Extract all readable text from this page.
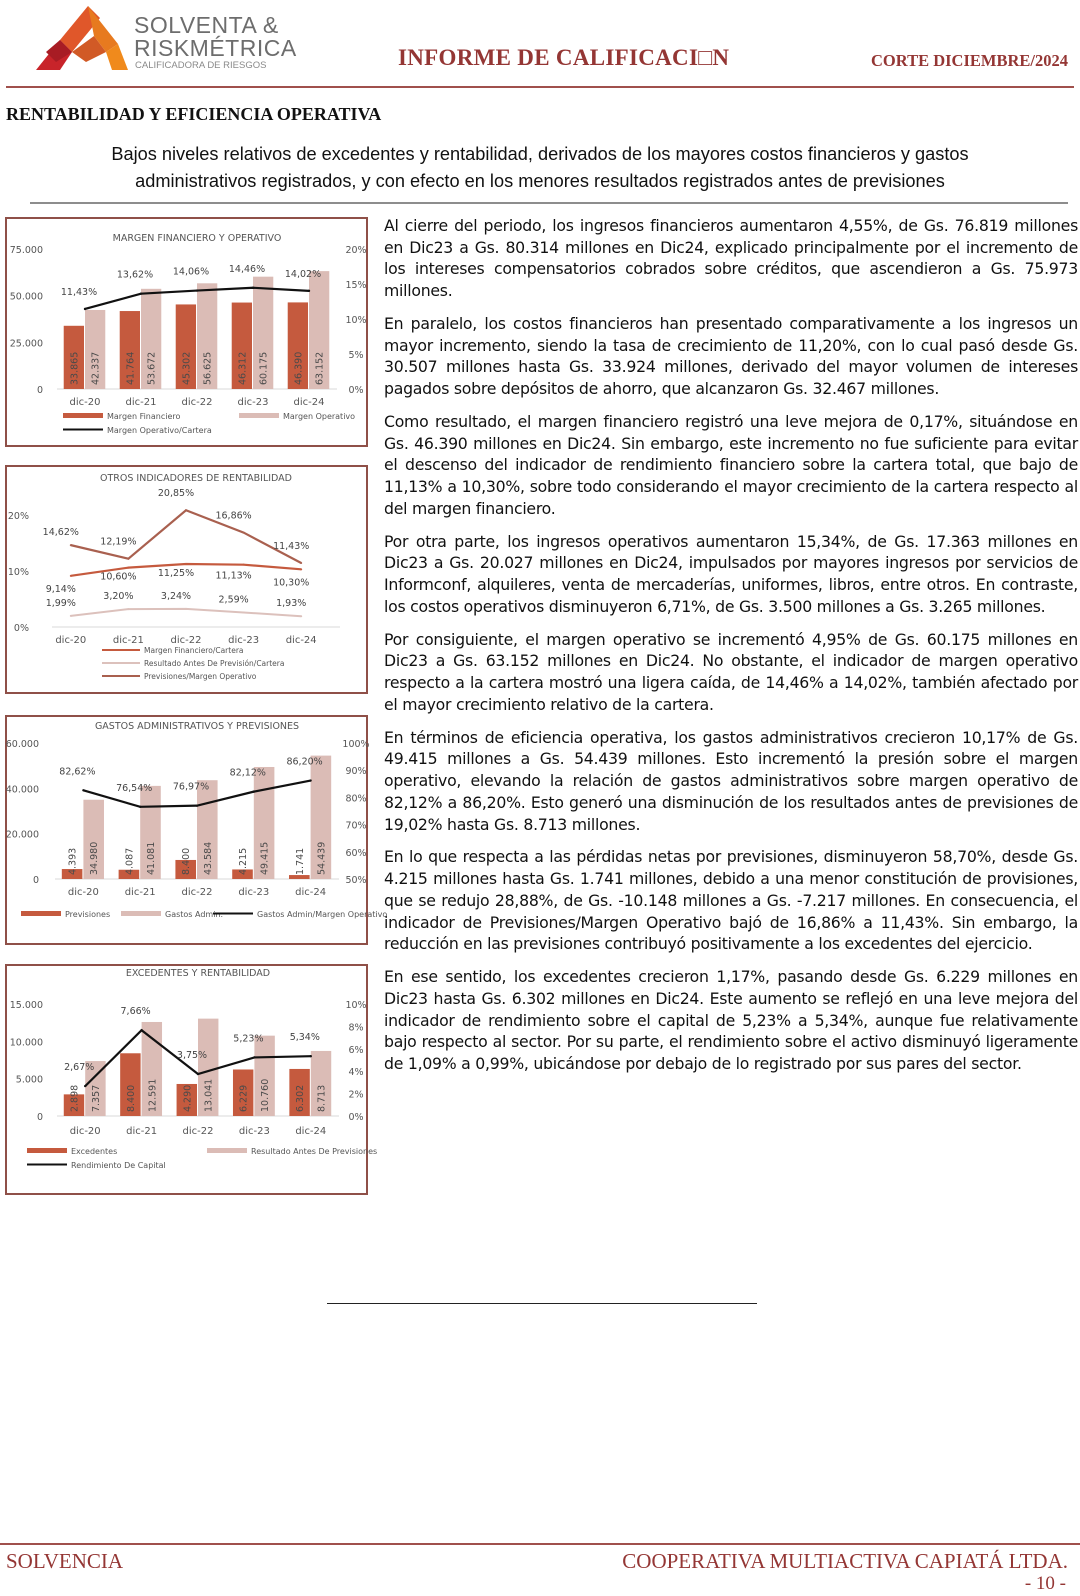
SOLVENTA &
RISKMÉTRICA
CALIFICADORA DE RIESGOS	INFORME DE CALIFICACI□N	CORTE DICIEMBRE/2024
RENTABILIDAD Y EFICIENCIA OPERATIVA
Bajos niveles relativos de excedentes y rentabilidad, derivados de los mayores costos financieros y gastos administrativos registrados, y con efecto en los menores resultados registrados antes de previsiones
MARGEN FINANCIERO Y OPERATIVO
0
25.000
50.000
75.000
0%
5%
10%
15%
20%
dic-20
33.865 42.337
dic-21
41.764 53.672
dic-22
45.302 56.625
dic-23
46.312 60.175
dic-24
46.390 63.152
11,43%
13,62% 14,06% 14,46% 14,02%
Margen Financiero	Margen Operativo
Margen Operativo/Cartera
OTROS INDICADORES DE RENTABILIDAD
0%
10%
20%
dic-20	dic-21	dic-22	dic-23	dic-24
9,14%
10,60% 11,25% 11,13%
10,30%
1,99%
3,20%	3,24%	2,59%	1,93%
14,62%
12,19%
20,85%
16,86%
11,43%
Margen Financiero/Cartera
Resultado Antes De Previsión/Cartera
Previsiones/Margen Operativo
GASTOS ADMINISTRATIVOS Y PREVISIONES
0
20.000
40.000
60.000
50%
60%
70%
80%
90%
100%
dic-20
4.393 34.980
dic-21
4.087 41.081
dic-22
8.400 43.584
dic-23
4.215 49.415
dic-24
1.741 54.439
82,62%
76,54% 76,97%
82,12%
86,20%
Previsiones	Gastos Admin.	Gastos Admin/Margen Operativo
EXCEDENTES Y RENTABILIDAD
0
5.000
10.000
15.000
0%
2%
4%
6%
8%
10%
dic-20
2.898 7.357
dic-21
8.400 12.591
dic-22
4.290 13.041
dic-23
6.229 10.760
dic-24
6.302 8.713
2,67%
7,66%
3,75%
5,23%	5,34%
Excedentes	Resultado Antes De Previsiones
Rendimiento De Capital

Al cierre del periodo, los ingresos financieros aumentaron 4,55%, de Gs. 76.819 millones en Dic23 a Gs. 80.314 millones en Dic24, explicado principalmente por el incremento de los intereses compensatorios cobrados sobre créditos, que ascendieron a Gs. 75.973 millones.

En paralelo, los costos financieros han presentado comparativamente a los ingresos un mayor incremento, siendo la tasa de crecimiento de 11,20%, con lo cual pasó desde Gs. 30.507 millones hasta Gs. 33.924 millones, derivado del mayor volumen de intereses pagados sobre depósitos de ahorro, que alcanzaron Gs. 32.467 millones.

Como resultado, el margen financiero registró una leve mejora de 0,17%, situándose en Gs. 46.390 millones en Dic24. Sin embargo, este incremento no fue suficiente para evitar el descenso del indicador de rendimiento financiero sobre la cartera total, que bajo de 11,13% a 10,30%, sobre todo considerando el mayor crecimiento de la cartera respecto al del margen financiero.

Por otra parte, los ingresos operativos aumentaron 15,34%, de Gs. 17.363 millones en Dic23 a Gs. 20.027 millones en Dic24, impulsados por mayores ingresos por servicios de Informconf, alquileres, venta de mercaderías, uniformes, libros, entre otros. En contraste, los costos operativos disminuyeron 6,71%, de Gs. 3.500 millones a Gs. 3.265 millones.

Por consiguiente, el margen operativo se incrementó 4,95% de Gs. 60.175 millones en Dic23 a Gs. 63.152 millones en Dic24. No obstante, el indicador de margen operativo respecto a la cartera mostró una ligera caída, de 14,46% a 14,02%, también afectado por el mayor crecimiento relativo de la cartera.

En términos de eficiencia operativa, los gastos administrativos crecieron 10,17% de Gs. 49.415 millones a Gs. 54.439 millones. Esto incrementó la presión sobre el margen operativo, elevando la relación de gastos administrativos sobre margen operativo de 82,12% a 86,20%. Esto generó una disminución de los resultados antes de previsiones de 19,02% hasta Gs. 8.713 millones.

En lo que respecta a las pérdidas netas por previsiones, disminuyeron 58,70%, desde Gs. 4.215 millones hasta Gs. 1.741 millones, debido a una menor constitución de provisiones, que se redujo 28,88%, de Gs. -10.148 millones a Gs. -7.217 millones. En consecuencia, el indicador de Previsiones/Margen Operativo bajó de 16,86% a 11,43%. Sin embargo, la reducción en las previsiones contribuyó positivamente a los excedentes del ejercicio.

En ese sentido, los excedentes crecieron 1,17%, pasando desde Gs. 6.229 millones en Dic23 hasta Gs. 6.302 millones en Dic24. Este aumento se reflejó en una leve mejora del indicador de rendimiento sobre el capital de 5,23% a 5,34%, aunque fue relativamente bajo respecto al sector. Por su parte, el rendimiento sobre el activo disminuyó ligeramente de 1,09% a 0,99%, ubicándose por debajo de lo registrado por sus pares del sector.

SOLVENCIA	COOPERATIVA MULTIACTIVA CAPIATÁ LTDA.
- 10 -
